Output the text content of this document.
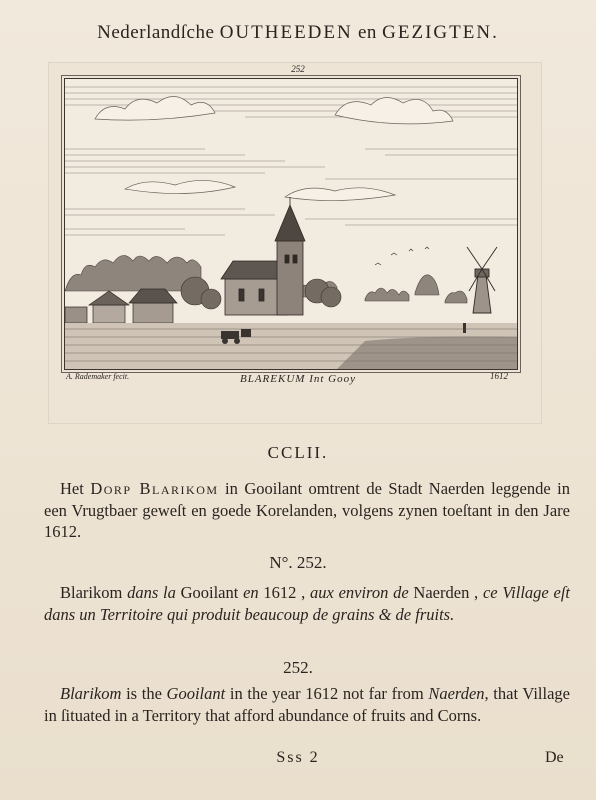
Nederlandſche OUTHEEDEN en GEZIGTEN.
252
A. Rademaker fecit.	BLAREKUM Int Gooy	1612
CCLII.
Het Dorp Blarikom in Gooilant omtrent de Stadt Naerden leggende in een Vrugtbaer geweſt en goede Korelanden, volgens zynen toeſtant in den Jare 1612.
N°. 252.
Blarikom dans la Gooilant en 1612 , aux environ de Naerden , ce Village eſt dans un Territoire qui produit beaucoup de grains & de fruits.
252.
Blarikom is the Gooilant in the year 1612 not far from Naerden, that Village in ſituated in a Territory that afford abundance of fruits and Corns.
Sss 2	De
